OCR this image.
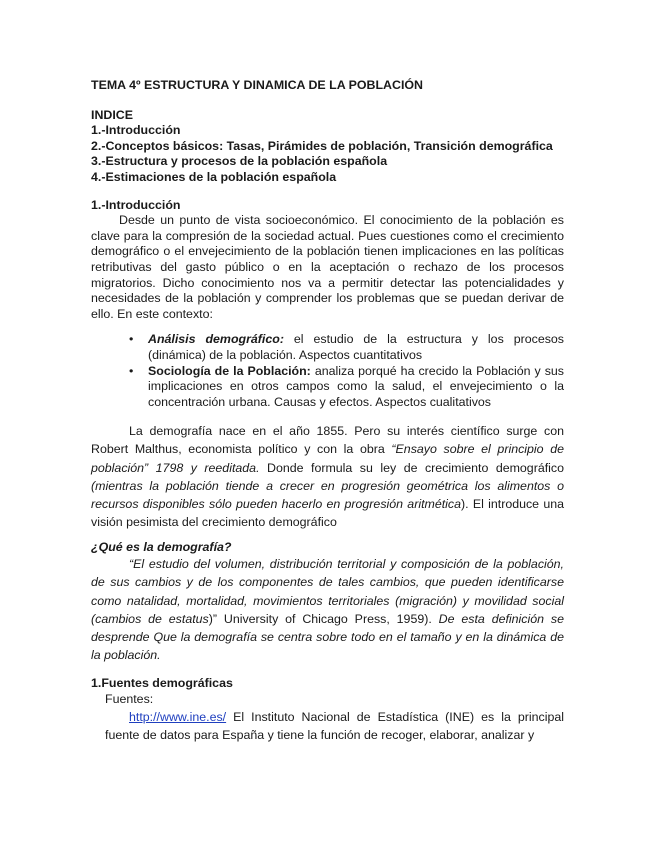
TEMA 4º ESTRUCTURA Y DINAMICA DE LA POBLACIÓN

INDICE

1.-Introducción

2.-Conceptos básicos: Tasas, Pirámides de población, Transición demográfica

3.-Estructura y procesos de la población española

4.-Estimaciones de la población española

1.-Introducción

Desde un punto de vista socioeconómico. El conocimiento de la población es clave para la compresión de la sociedad actual. Pues cuestiones como el crecimiento demográfico o el envejecimiento de la población tienen implicaciones en las políticas retributivas del gasto público o en la aceptación o rechazo de los procesos migratorios. Dicho conocimiento nos va a permitir detectar las potencialidades y necesidades de la población y comprender los problemas que se puedan derivar de ello. En este contexto:

• Análisis demográfico: el estudio de la estructura y los procesos (dinámica) de la población. Aspectos cuantitativos
• Sociología de la Población: analiza porqué ha crecido la Población y sus implicaciones en otros campos como la salud, el envejecimiento o la concentración urbana. Causas y efectos. Aspectos cualitativos

La demografía nace en el año 1855. Pero su interés científico surge con Robert Malthus, economista político y con la obra “Ensayo sobre el principio de población” 1798 y reeditada. Donde formula su ley de crecimiento demográfico (mientras la población tiende a crecer en progresión geométrica los alimentos o recursos disponibles sólo pueden hacerlo en progresión aritmética). El introduce una visión pesimista del crecimiento demográfico

¿Qué es la demografía?

“El estudio del volumen, distribución territorial y composición de la población, de sus cambios y de los componentes de tales cambios, que pueden identificarse como natalidad, mortalidad, movimientos territoriales (migración) y movilidad social (cambios de estatus)” University of Chicago Press, 1959). De esta definición se desprende Que la demografía se centra sobre todo en el tamaño y en la dinámica de la población.

1.Fuentes demográficas

Fuentes:

http://www.ine.es/ El Instituto Nacional de Estadística (INE) es la principal fuente de datos para España y tiene la función de recoger, elaborar, analizar y
